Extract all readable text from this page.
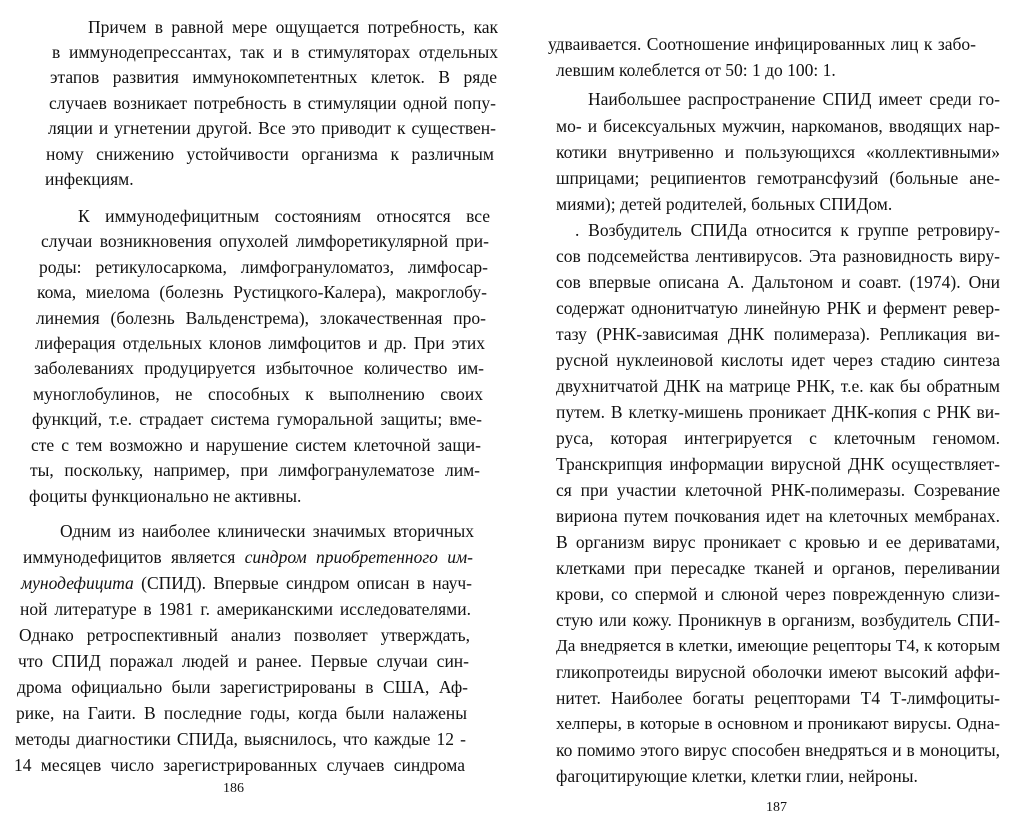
Причем в равной мере ощущается потребность, как
в иммунодепрессантах, так и в стимуляторах отдельных
этапов развития иммунокомпетентных клеток. В ряде
случаев возникает потребность в стимуляции одной попу-
ляции и угнетении другой. Все это приводит к существен-
ному снижению устойчивости организма к различным
инфекциям.
К иммунодефицитным состояниям относятся все
случаи возникновения опухолей лимфоретикулярной при-
роды: ретикулосаркома, лимфогрануломатоз, лимфосар-
кома, миелома (болезнь Рустицкого-Калера), макроглобу-
линемия (болезнь Вальденстрема), злокачественная про-
лиферация отдельных клонов лимфоцитов и др. При этих
заболеваниях продуцируется избыточное количество им-
муноглобулинов, не способных к выполнению своих
функций, т.е. страдает система гуморальной защиты; вме-
сте с тем возможно и нарушение систем клеточной защи-
ты, поскольку, например, при лимфогранулематозе лим-
фоциты функционально не активны.
Одним из наиболее клинически значимых вторичных
иммунодефицитов является синдром приобретенного им-
мунодефицита (СПИД). Впервые синдром описан в науч-
ной литературе в 1981 г. американскими исследователями.
Однако ретроспективный анализ позволяет утверждать,
что СПИД поражал людей и ранее. Первые случаи син-
дрома официально были зарегистрированы в США, Аф-
рике, на Гаити. В последние годы, когда были налажены
методы диагностики СПИДа, выяснилось, что каждые 12 -
14 месяцев число зарегистрированных случаев синдрома
186
удваивается. Соотношение инфицированных лиц к забо-
левшим колеблется от 50: 1 до 100: 1.
Наибольшее распространение СПИД имеет среди го-
мо- и бисексуальных мужчин, наркоманов, вводящих нар-
котики внутривенно и пользующихся «коллективными»
шприцами; реципиентов гемотрансфузий (больные ане-
миями); детей родителей, больных СПИДом.
. Возбудитель СПИДа относится к группе ретровиру-
сов подсемейства лентивирусов. Эта разновидность виру-
сов впервые описана А. Дальтоном и соавт. (1974). Они
содержат однонитчатую линейную РНК и фермент ревер-
тазу (РНК-зависимая ДНК полимераза). Репликация ви-
русной нуклеиновой кислоты идет через стадию синтеза
двухнитчатой ДНК на матрице РНК, т.е. как бы обратным
путем. В клетку-мишень проникает ДНК-копия с РНК ви-
руса, которая интегрируется с клеточным геномом.
Транскрипция информации вирусной ДНК осуществляет-
ся при участии клеточной РНК-полимеразы. Созревание
вириона путем почкования идет на клеточных мембранах.
В организм вирус проникает с кровью и ее дериватами,
клетками при пересадке тканей и органов, переливании
крови, со спермой и слюной через поврежденную слизи-
стую или кожу. Проникнув в организм, возбудитель СПИ-
Да внедряется в клетки, имеющие рецепторы Т4, к которым
гликопротеиды вирусной оболочки имеют высокий аффи-
нитет. Наиболее богаты рецепторами Т4 Т-лимфоциты-
хелперы, в которые в основном и проникают вирусы. Одна-
ко помимо этого вирус способен внедряться и в моноциты,
фагоцитирующие клетки, клетки глии, нейроны.
187
